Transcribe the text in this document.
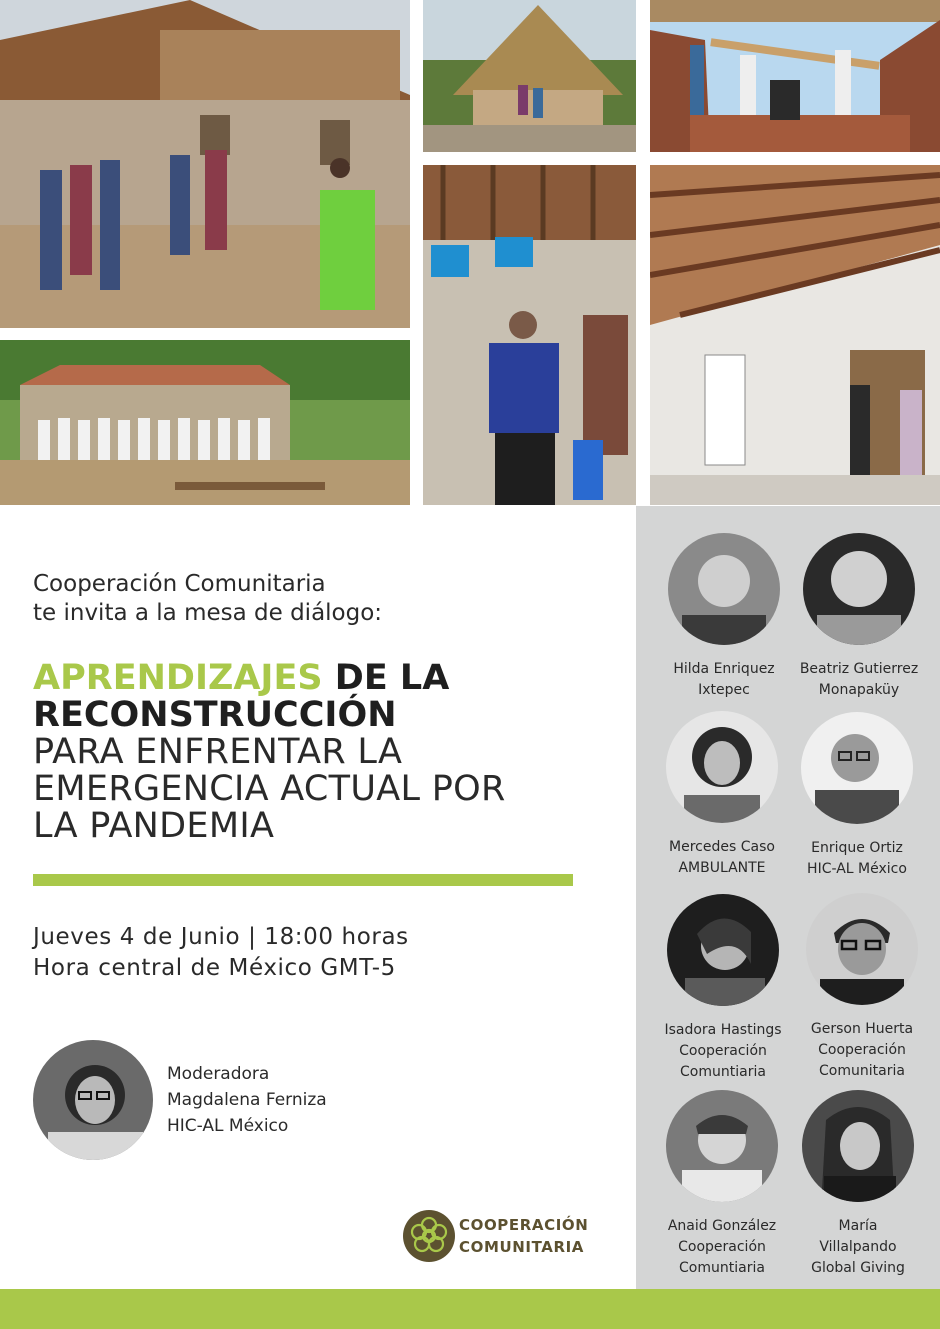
Cooperación Comunitaria
te invita a la mesa de diálogo:
APRENDIZAJES DE LA
RECONSTRUCCIÓN
PARA ENFRENTAR LA
EMERGENCIA ACTUAL POR
LA PANDEMIA
Jueves 4 de Junio | 18:00 horas
Hora central de México GMT-5
Moderadora
Magdalena Ferniza
HIC-AL México
COOPERACIÓN
COMUNITARIA
Hilda Enriquez
Ixtepec
Beatriz Gutierrez
Monapaküy
Mercedes Caso
AMBULANTE
Enrique Ortiz
HIC-AL México
Isadora Hastings
Cooperación
Comuntiaria
Gerson Huerta
Cooperación
Comunitaria
Anaid González
Cooperación
Comuntiaria
María
Villalpando
Global Giving
